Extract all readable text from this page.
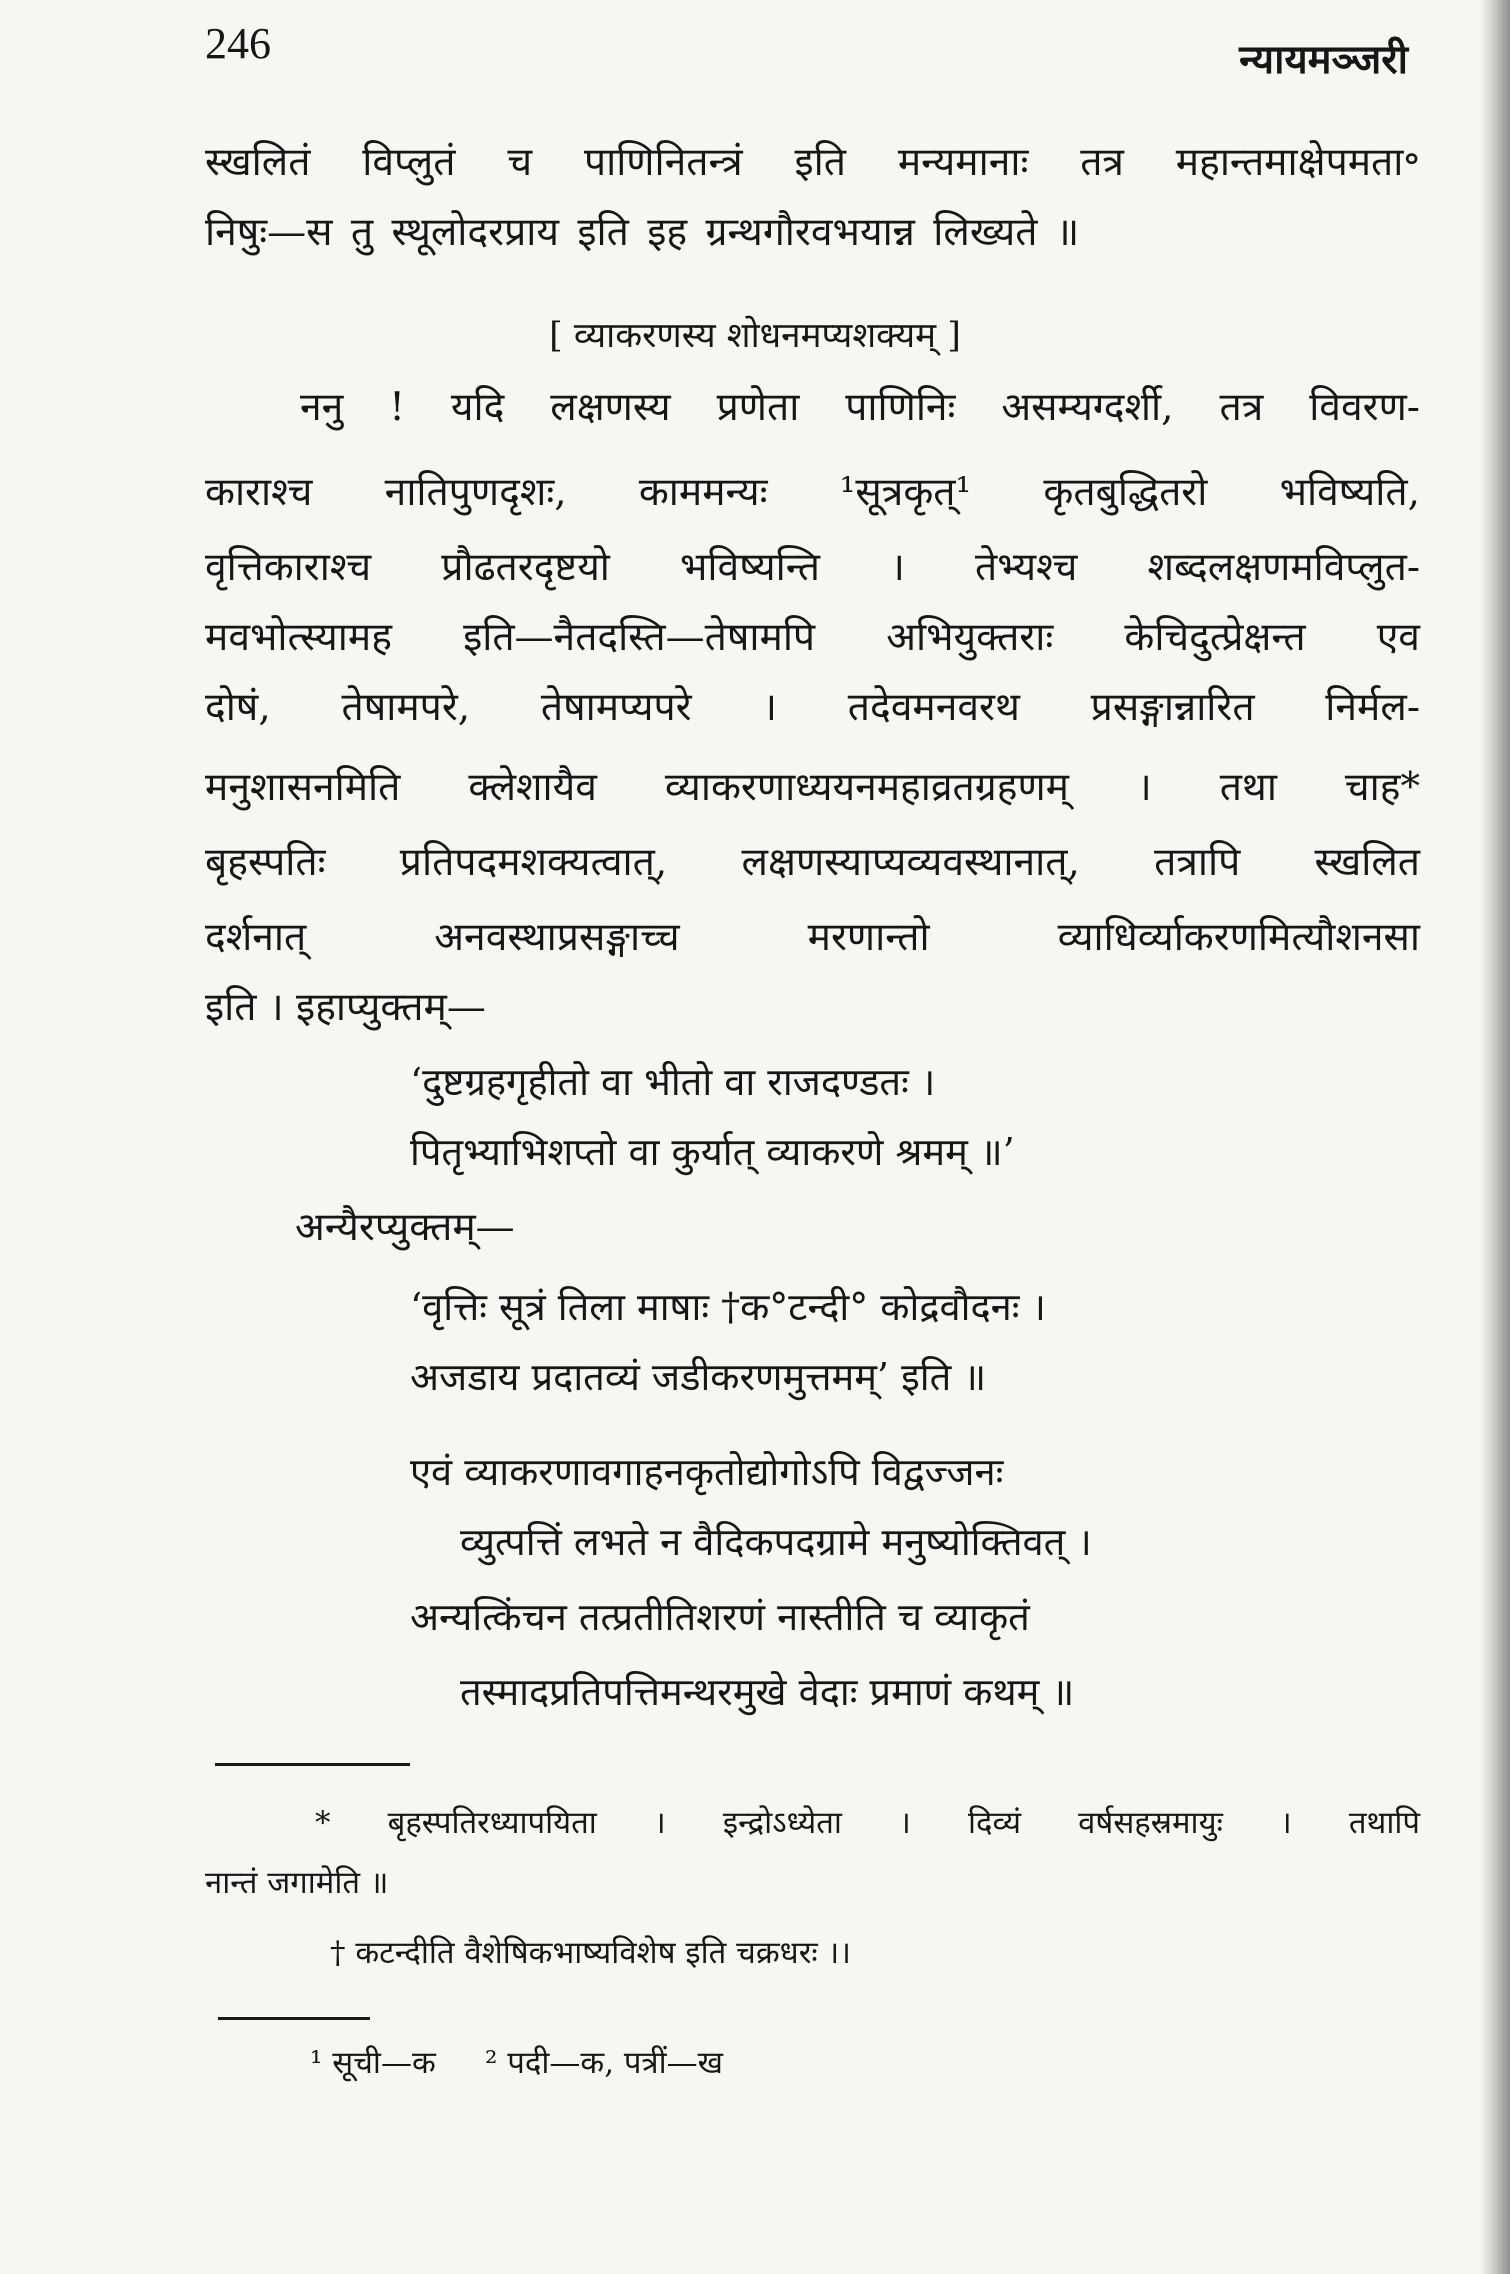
246	न्यायमञ्जरी
स्खलितं विप्लुतं च पाणिनितन्त्रं इति मन्यमानाः तत्र महान्तमाक्षेपमता॰
निषुः—स तु स्थूलोदरप्राय इति इह ग्रन्थगौरवभयान्न लिख्यते ॥
[ व्याकरणस्य शोधनमप्यशक्यम् ]
ननु ! यदि लक्षणस्य प्रणेता पाणिनिः असम्यग्दर्शी, तत्र विवरण-
काराश्च नातिपुणदृशः, काममन्यः ¹सूत्रकृत्¹ कृतबुद्धितरो भविष्यति,
वृत्तिकाराश्च प्रौढतरदृष्टयो भविष्यन्ति । तेभ्यश्च शब्दलक्षणमविप्लुत-
मवभोत्स्यामह इति—नैतदस्ति—तेषामपि अभियुक्तराः केचिदुत्प्रेक्षन्त एव
दोषं, तेषामपरे, तेषामप्यपरे । तदेवमनवरथ प्रसङ्गान्नारित निर्मल-
मनुशासनमिति क्लेशायैव व्याकरणाध्ययनमहाव्रतग्रहणम् । तथा चाह*
बृहस्पतिः प्रतिपदमशक्यत्वात्, लक्षणस्याप्यव्यवस्थानात्, तत्रापि स्खलित
दर्शनात् अनवस्थाप्रसङ्गाच्च मरणान्तो व्याधिर्व्याकरणमित्यौशनसा
इति । इहाप्युक्तम्—
‘दुष्टग्रहगृहीतो वा भीतो वा राजदण्डतः ।
पितृभ्याभिशप्तो वा कुर्यात् व्याकरणे श्रमम् ॥’
अन्यैरप्युक्तम्—
‘वृत्तिः सूत्रं तिला माषाः †क°टन्दी° कोद्रवौदनः ।
अजडाय प्रदातव्यं जडीकरणमुत्तमम्’ इति ॥
एवं व्याकरणावगाहनकृतोद्योगोऽपि विद्वज्जनः
व्युत्पत्तिं लभते न वैदिकपदग्रामे मनुष्योक्तिवत् ।
अन्यत्किंचन तत्प्रतीतिशरणं नास्तीति च व्याकृतं
तस्मादप्रतिपत्तिमन्थरमुखे वेदाः प्रमाणं कथम् ॥
* बृहस्पतिरध्यापयिता । इन्द्रोऽध्येता । दिव्यं वर्षसहस्रमायुः । तथापि
नान्तं जगामेति ॥
† कटन्दीति वैशेषिकभाष्यविशेष इति चक्रधरः ।।
¹ सूची—क     ² पदी—क, पत्रीं—ख
